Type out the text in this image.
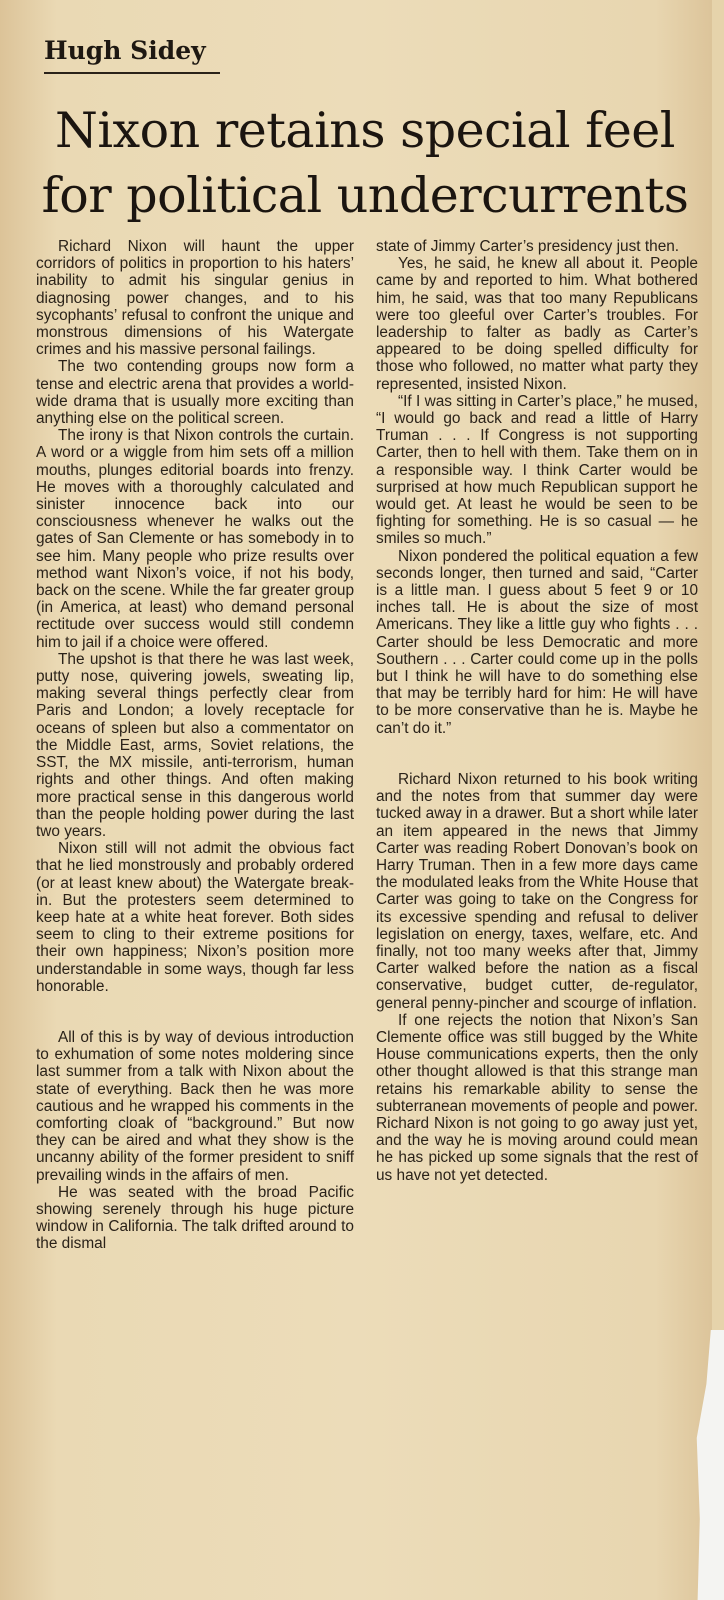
Hugh Sidey
Nixon retains special feel for political undercurrents

Richard Nixon will haunt the upper corridors of politics in proportion to his haters’ inability to admit his singular genius in diagnosing power changes, and to his sycophants’ refusal to confront the unique and monstrous dimensions of his Watergate crimes and his massive personal failings.

The two contending groups now form a tense and electric arena that provides a world-wide drama that is usually more exciting than anything else on the political screen.

The irony is that Nixon controls the curtain. A word or a wiggle from him sets off a million mouths, plunges editorial boards into frenzy. He moves with a thoroughly calculated and sinister innocence back into our consciousness whenever he walks out the gates of San Clemente or has somebody in to see him. Many people who prize results over method want Nixon’s voice, if not his body, back on the scene. While the far greater group (in America, at least) who demand personal rectitude over success would still condemn him to jail if a choice were offered.

The upshot is that there he was last week, putty nose, quivering jowels, sweating lip, making several things perfectly clear from Paris and London; a lovely receptacle for oceans of spleen but also a commentator on the Middle East, arms, Soviet relations, the SST, the MX missile, anti-terrorism, human rights and other things. And often making more practical sense in this dangerous world than the people holding power during the last two years.

Nixon still will not admit the obvious fact that he lied monstrously and probably ordered (or at least knew about) the Watergate break-in. But the protesters seem determined to keep hate at a white heat forever. Both sides seem to cling to their extreme positions for their own happiness; Nixon’s position more understandable in some ways, though far less honorable.

All of this is by way of devious introduction to exhumation of some notes moldering since last summer from a talk with Nixon about the state of everything. Back then he was more cautious and he wrapped his comments in the comforting cloak of “background.” But now they can be aired and what they show is the uncanny ability of the former president to sniff prevailing winds in the affairs of men.

He was seated with the broad Pacific showing serenely through his huge picture window in California. The talk drifted around to the dismal

state of Jimmy Carter’s presidency just then.

Yes, he said, he knew all about it. People came by and reported to him. What bothered him, he said, was that too many Republicans were too gleeful over Carter’s troubles. For leadership to falter as badly as Carter’s appeared to be doing spelled difficulty for those who followed, no matter what party they represented, insisted Nixon.

“If I was sitting in Carter’s place,” he mused, “I would go back and read a little of Harry Truman . . . If Congress is not supporting Carter, then to hell with them. Take them on in a responsible way. I think Carter would be surprised at how much Republican support he would get. At least he would be seen to be fighting for something. He is so casual — he smiles so much.”

Nixon pondered the political equation a few seconds longer, then turned and said, “Carter is a little man. I guess about 5 feet 9 or 10 inches tall. He is about the size of most Americans. They like a little guy who fights . . . Carter should be less Democratic and more Southern . . . Carter could come up in the polls but I think he will have to do something else that may be terribly hard for him: He will have to be more conservative than he is. Maybe he can’t do it.”

Richard Nixon returned to his book writing and the notes from that summer day were tucked away in a drawer. But a short while later an item appeared in the news that Jimmy Carter was reading Robert Donovan’s book on Harry Truman. Then in a few more days came the modulated leaks from the White House that Carter was going to take on the Congress for its excessive spending and refusal to deliver legislation on energy, taxes, welfare, etc. And finally, not too many weeks after that, Jimmy Carter walked before the nation as a fiscal conservative, budget cutter, de-regulator, general penny-pincher and scourge of inflation.

If one rejects the notion that Nixon’s San Clemente office was still bugged by the White House communications experts, then the only other thought allowed is that this strange man retains his remarkable ability to sense the subterranean movements of people and power. Richard Nixon is not going to go away just yet, and the way he is moving around could mean he has picked up some signals that the rest of us have not yet detected.
